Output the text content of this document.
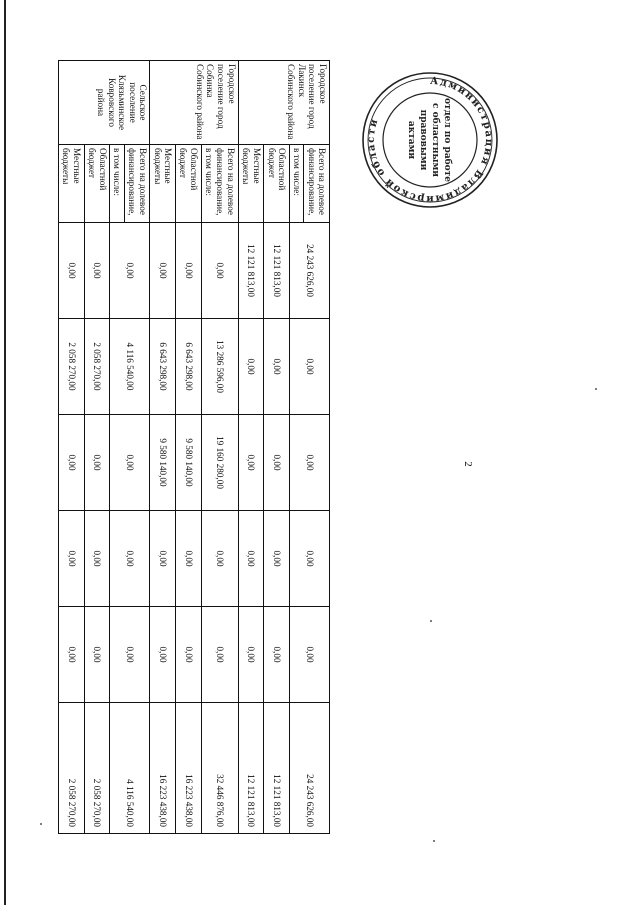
2
Городское поселение город Лакинск Собинского района	Всего на долевое финансирование,	24 243 626,00	0,00	0,00	0,00	0,00	24 243 626,00
	в том числе:						
	Областной бюджет	12 121 813,00	0,00	0,00	0,00	0,00	12 121 813,00
	Местные бюджеты	12 121 813,00	0,00	0,00	0,00	0,00	12 121 813,00
Городское поселение город Собинка Собинского района	Всего на долевое финансирование, в том числе:	0,00	13 286 596,00	19 160 280,00	0,00	0,00	32 446 876,00
	Областной бюджет	0,00	6 643 298,00	9 580 140,00	0,00	0,00	16 223 438,00
	Местные бюджеты	0,00	6 643 298,00	9 580 140,00	0,00	0,00	16 223 438,00
Сельское поселение Клязьминское Ковровского района	Всего на долевое финансирование,	0,00	4 116 540,00	0,00	0,00	0,00	4 116 540,00
	в том числе:						
	Областной бюджет	0,00	2 058 270,00	0,00	0,00	0,00	2 058 270,00
	Местные бюджеты	0,00	2 058 270,00	0,00	0,00	0,00	2 058 270,00
Администрация Владимирской области	отдел по работе
с областными
правовыми
актами
